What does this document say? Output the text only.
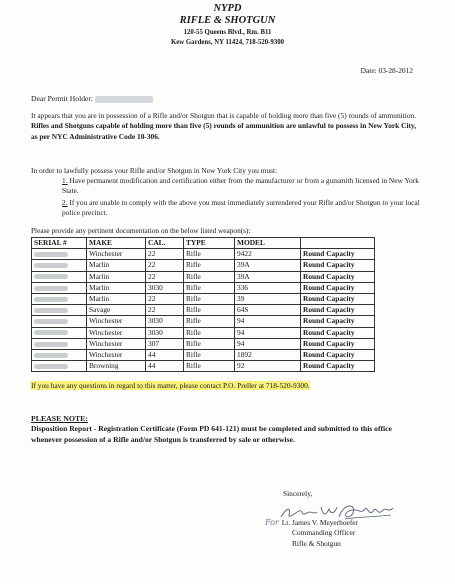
NYPD
RIFLE & SHOTGUN
120-55 Queens Blvd., Rm. B11
Kew Gardens, NY 11424, 718-520-9300
Date: 03-28-2012
Dear Permit Holder:
It appears that you are in possession of a Rifle and/or Shotgun that is capable of holding more than five (5) rounds of ammunition. Rifles and Shotguns capable of holding more than five (5) rounds of ammunition are unlawful to possess in New York City, as per NYC Administrative Code 10-306.
In order to lawfully possess your Rifle and/or Shotgun in New York City you must:
1. Have permanent modification and certification either from the manufacturer or from a gunsmith licensed in New York State.
2. If you are unable to comply with the above you must immediately surrendered your Rifle and/or Shotgun to your local police precinct.
Please provide any pertinent documentation on the below listed weapon(s):
SERIAL #	MAKE	CAL.	TYPE	MODEL	
	Winchester	22	Rifle	9422	Round Capacity
	Marlin	22	Rifle	39A	Round Capacity
	Marlin	22	Rifle	39A	Round Capacity
	Marlin	3030	Rifle	336	Round Capacity
	Marlin	22	Rifle	39	Round Capacity
	Savage	22	Rifle	64S	Round Capacity
	Winchester	3030	Rifle	94	Round Capacity
	Winchester	3030	Rifle	94	Round Capacity
	Winchester	307	Rifle	94	Round Capacity
	Winchester	44	Rifle	1892	Round Capacity
	Browning	44	Rifle	92	Round Capacity
If you have any questions in regard to this matter, please contact P.O. Preller at 718-520-9300.
PLEASE NOTE:
Disposition Report - Registration Certificate (Form PD 641-121) must be completed and submitted to this office whenever possession of a Rifle and/or Shotgun is transferred by sale or otherwise.
Sincerely,
For Lt. James V. Meyerhoefer
Commanding Officer
Rifle & Shotgun
